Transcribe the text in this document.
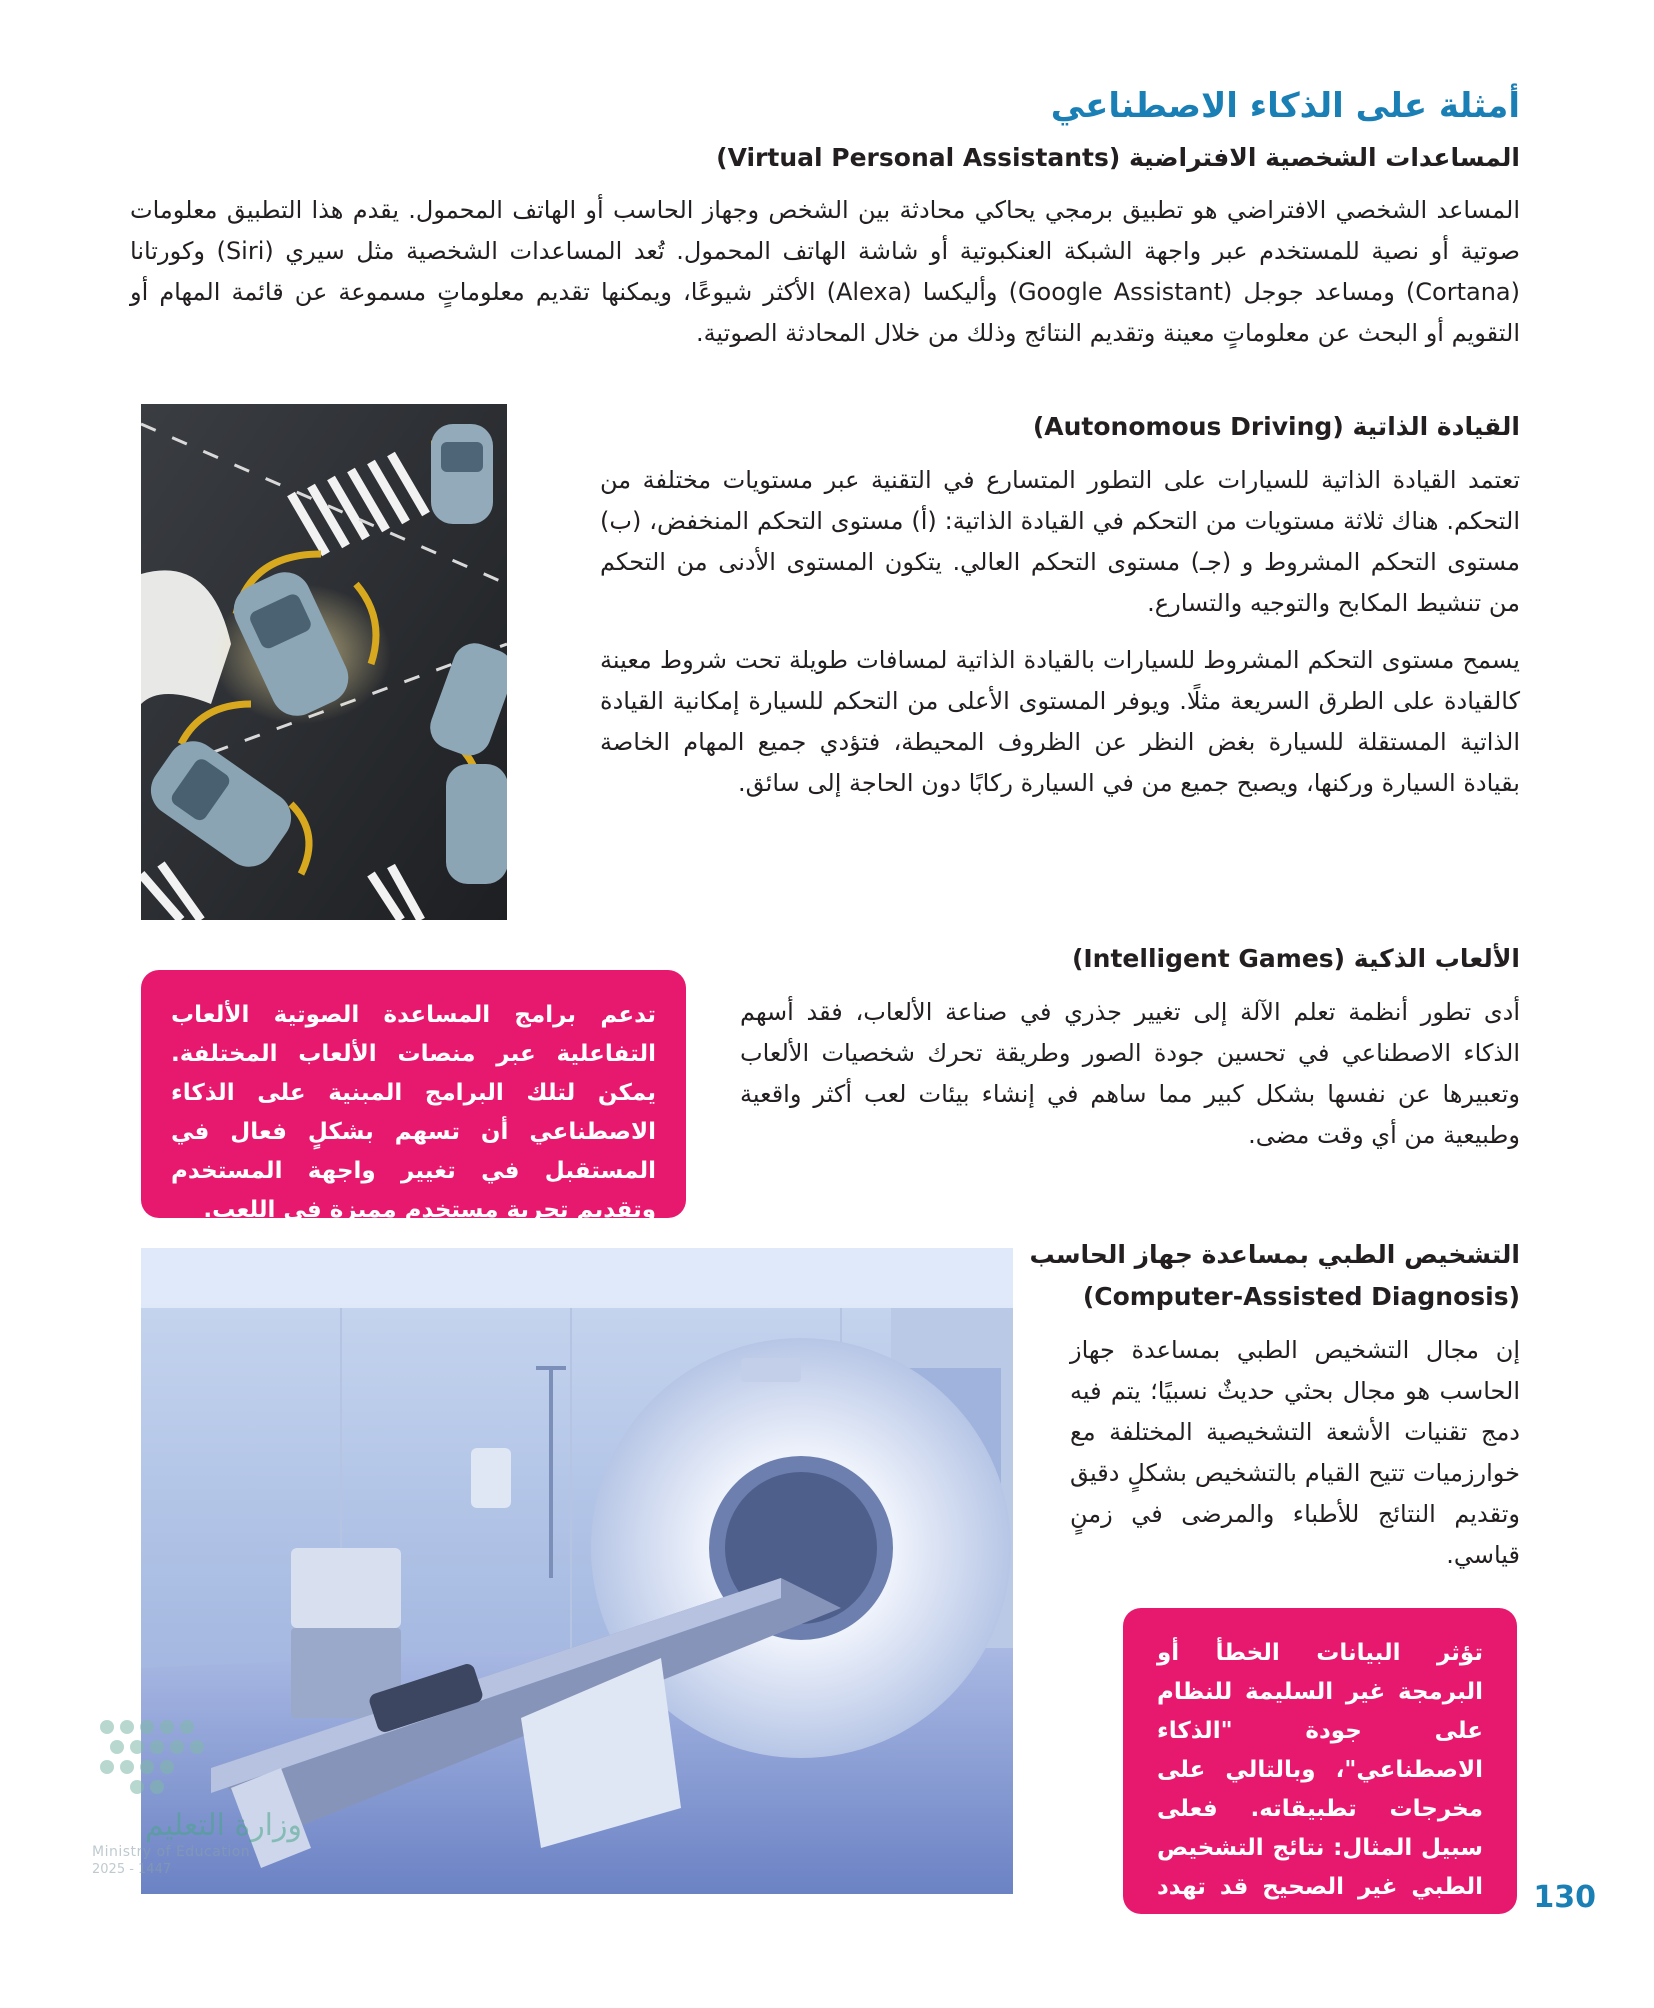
أمثلة على الذكاء الاصطناعي
المساعدات الشخصية الافتراضية (Virtual Personal Assistants)
المساعد الشخصي الافتراضي هو تطبيق برمجي يحاكي محادثة بين الشخص وجهاز الحاسب أو الهاتف المحمول. يقدم هذا التطبيق معلومات صوتية أو نصية للمستخدم عبر واجهة الشبكة العنكبوتية أو شاشة الهاتف المحمول. تُعد المساعدات الشخصية مثل سيري (Siri) وكورتانا (Cortana) ومساعد جوجل (Google Assistant) وأليكسا (Alexa) الأكثر شيوعًا، ويمكنها تقديم معلوماتٍ مسموعة عن قائمة المهام أو التقويم أو البحث عن معلوماتٍ معينة وتقديم النتائج وذلك من خلال المحادثة الصوتية.
القيادة الذاتية (Autonomous Driving)
تعتمد القيادة الذاتية للسيارات على التطور المتسارع في التقنية عبر مستويات مختلفة من التحكم. هناك ثلاثة مستويات من التحكم في القيادة الذاتية: (أ) مستوى التحكم المنخفض، (ب) مستوى التحكم المشروط و (جـ) مستوى التحكم العالي. يتكون المستوى الأدنى من التحكم من تنشيط المكابح والتوجيه والتسارع.
يسمح مستوى التحكم المشروط للسيارات بالقيادة الذاتية لمسافات طويلة تحت شروط معينة كالقيادة على الطرق السريعة مثلًا. ويوفر المستوى الأعلى من التحكم للسيارة إمكانية القيادة الذاتية المستقلة للسيارة بغض النظر عن الظروف المحيطة، فتؤدي جميع المهام الخاصة بقيادة السيارة وركنها، ويصبح جميع من في السيارة ركابًا دون الحاجة إلى سائق.
الألعاب الذكية (Intelligent Games)
أدى تطور أنظمة تعلم الآلة إلى تغيير جذري في صناعة الألعاب، فقد أسهم الذكاء الاصطناعي في تحسين جودة الصور وطريقة تحرك شخصيات الألعاب وتعبيرها عن نفسها بشكل كبير مما ساهم في إنشاء بيئات لعب أكثر واقعية وطبيعية من أي وقت مضى.
تدعم برامج المساعدة الصوتية الألعاب التفاعلية عبر منصات الألعاب المختلفة. يمكن لتلك البرامج المبنية على الذكاء الاصطناعي أن تسهم بشكلٍ فعال في المستقبل في تغيير واجهة المستخدم وتقديم تجربة مستخدم مميزة في اللعب.
التشخيص الطبي بمساعدة جهاز الحاسب
(Computer-Assisted Diagnosis)
إن مجال التشخيص الطبي بمساعدة جهاز الحاسب هو مجال بحثي حديثٌ نسبيًا؛ يتم فيه دمج تقنيات الأشعة التشخيصية المختلفة مع خوارزميات تتيح القيام بالتشخيص بشكلٍ دقيق وتقديم النتائج للأطباء والمرضى في زمنٍ قياسي.
تؤثر البيانات الخطأ أو البرمجة غير السليمة للنظام على جودة "الذكاء الاصطناعي"، وبالتالي على مخرجات تطبيقاته. فعلى سبيل المثال: نتائج التشخيص الطبي غير الصحيح قد تهدد حياة المريض.
وزارة التعليم
Ministry of Education
2025 - 1447
130
